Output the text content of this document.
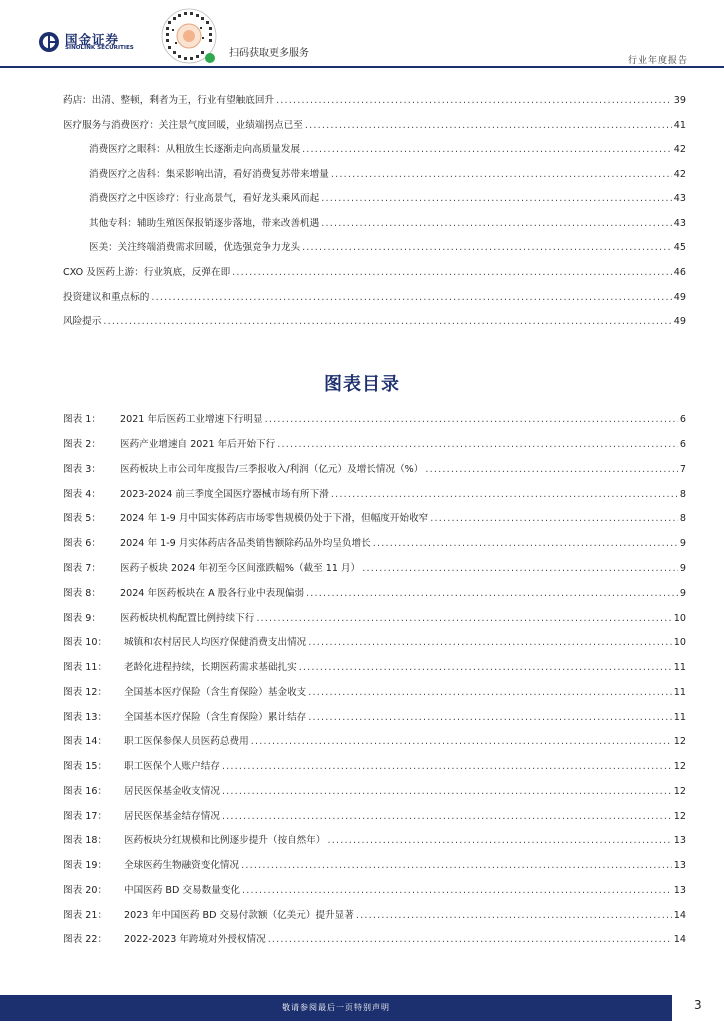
国金证券
SINOLINK SECURITIES	扫码获取更多服务
行业年度报告
药店：出清、整顿，剩者为王，行业有望触底回升 .....	39
医疗服务与消费医疗：关注景气度回暖，业绩端拐点已至 .....	41
消费医疗之眼科：从粗放生长逐渐走向高质量发展 .....	42
消费医疗之齿科：集采影响出清，看好消费复苏带来增量 .....	42
消费医疗之中医诊疗：行业高景气，看好龙头乘风而起 .....	43
其他专科：辅助生殖医保报销逐步落地，带来改善机遇 .....	43
医美：关注终端消费需求回暖，优选强竞争力龙头 .....	45
CXO 及医药上游：行业筑底，反弹在即 .....	46
投资建议和重点标的 .....	49
风险提示 .....	49
图表目录
图表 1：	2021 年后医药工业增速下行明显 .....	6
图表 2：	医药产业增速自 2021 年后开始下行 .....	6
图表 3：	医药板块上市公司年度报告/三季报收入/利润（亿元）及增长情况（%） .....	7
图表 4：	2023-2024 前三季度全国医疗器械市场有所下滑 .....	8
图表 5：	2024 年 1-9 月中国实体药店市场零售规模仍处于下滑，但幅度开始收窄 .....	8
图表 6：	2024 年 1-9 月实体药店各品类销售额除药品外均呈负增长 .....	9
图表 7：	医药子板块 2024 年初至今区间涨跌幅%（截至 11 月） .....	9
图表 8：	2024 年医药板块在 A 股各行业中表现偏弱 .....	9
图表 9：	医药板块机构配置比例持续下行 .....	10
图表 10：	城镇和农村居民人均医疗保健消费支出情况 .....	10
图表 11：	老龄化进程持续，长期医药需求基础扎实 .....	11
图表 12：	全国基本医疗保险（含生育保险）基金收支 .....	11
图表 13：	全国基本医疗保险（含生育保险）累计结存 .....	11
图表 14：	职工医保参保人员医药总费用 .....	12
图表 15：	职工医保个人账户结存 .....	12
图表 16：	居民医保基金收支情况 .....	12
图表 17：	居民医保基金结存情况 .....	12
图表 18：	医药板块分红规模和比例逐步提升（按自然年） .....	13
图表 19：	全球医药生物融资变化情况 .....	13
图表 20：	中国医药 BD 交易数量变化 .....	13
图表 21：	2023 年中国医药 BD 交易付款额（亿美元）提升显著 .....	14
图表 22：	2022-2023 年跨境对外授权情况 .....	14
敬请参阅最后一页特别声明	3
